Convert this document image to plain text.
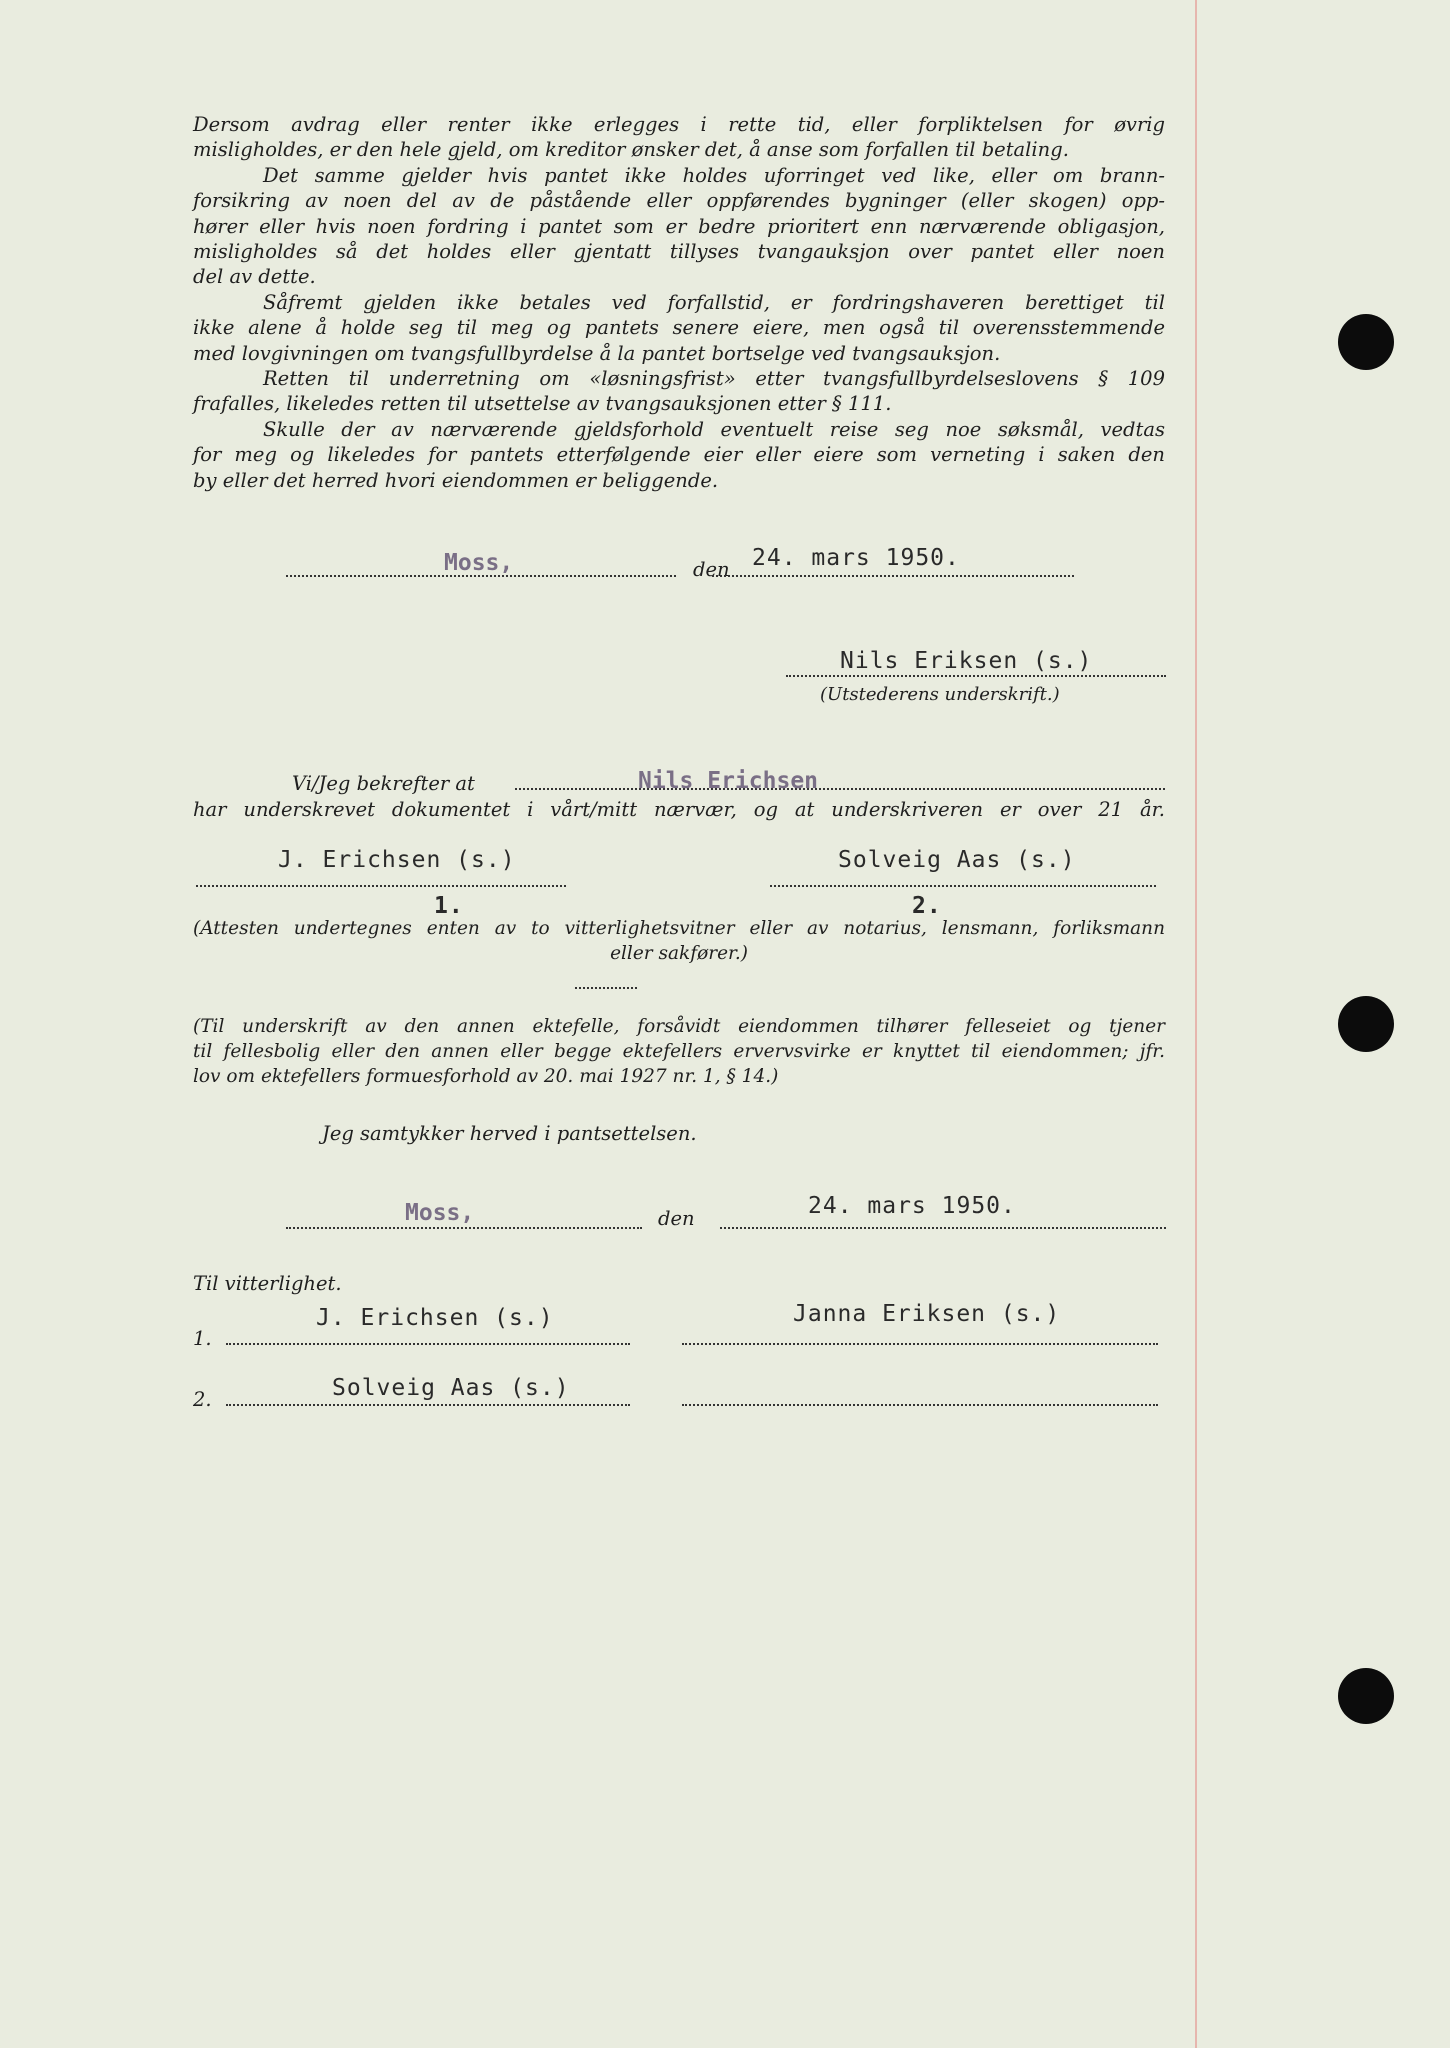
Dersom avdrag eller renter ikke erlegges i rette tid, eller forpliktelsen for øvrig
misligholdes, er den hele gjeld, om kreditor ønsker det, å anse som forfallen til betaling.
Det samme gjelder hvis pantet ikke holdes uforringet ved like, eller om brann-
forsikring av noen del av de påstående eller oppførendes bygninger (eller skogen) opp-
hører eller hvis noen fordring i pantet som er bedre prioritert enn nærværende obligasjon,
misligholdes så det holdes eller gjentatt tillyses tvangauksjon over pantet eller noen
del av dette.
Såfremt gjelden ikke betales ved forfallstid, er fordringshaveren berettiget til
ikke alene å holde seg til meg og pantets senere eiere, men også til overensstemmende
med lovgivningen om tvangsfullbyrdelse å la pantet bortselge ved tvangsauksjon.
Retten til underretning om «løsningsfrist» etter tvangsfullbyrdelseslovens § 109
frafalles, likeledes retten til utsettelse av tvangsauksjonen etter § 111.
Skulle der av nærværende gjeldsforhold eventuelt reise seg noe søksmål, vedtas
for meg og likeledes for pantets etterfølgende eier eller eiere som verneting i saken den
by eller det herred hvori eiendommen er beliggende.
Moss,	den 24. mars 1950.
Nils Eriksen (s.)
(Utstederens underskrift.)
Vi/Jeg bekrefter at	Nils Erichsen
har underskrevet dokumentet i vårt/mitt nærvær, og at underskriveren er over 21 år.
J. Erichsen (s.)	Solveig Aas (s.)
1.	2.
(Attesten undertegnes enten av to vitterlighetsvitner eller av notarius, lensmann, forliksmann
eller sakfører.)
(Til underskrift av den annen ektefelle, forsåvidt eiendommen tilhører felleseiet og tjener
til fellesbolig eller den annen eller begge ektefellers ervervsvirke er knyttet til eiendommen; jfr.
lov om ektefellers formuesforhold av 20. mai 1927 nr. 1, § 14.)
Jeg samtykker herved i pantsettelsen.
Moss,	den	24. mars 1950.
Til vitterlighet.
1.
J. Erichsen (s.)	Janna Eriksen (s.)
2.	Solveig Aas (s.)
